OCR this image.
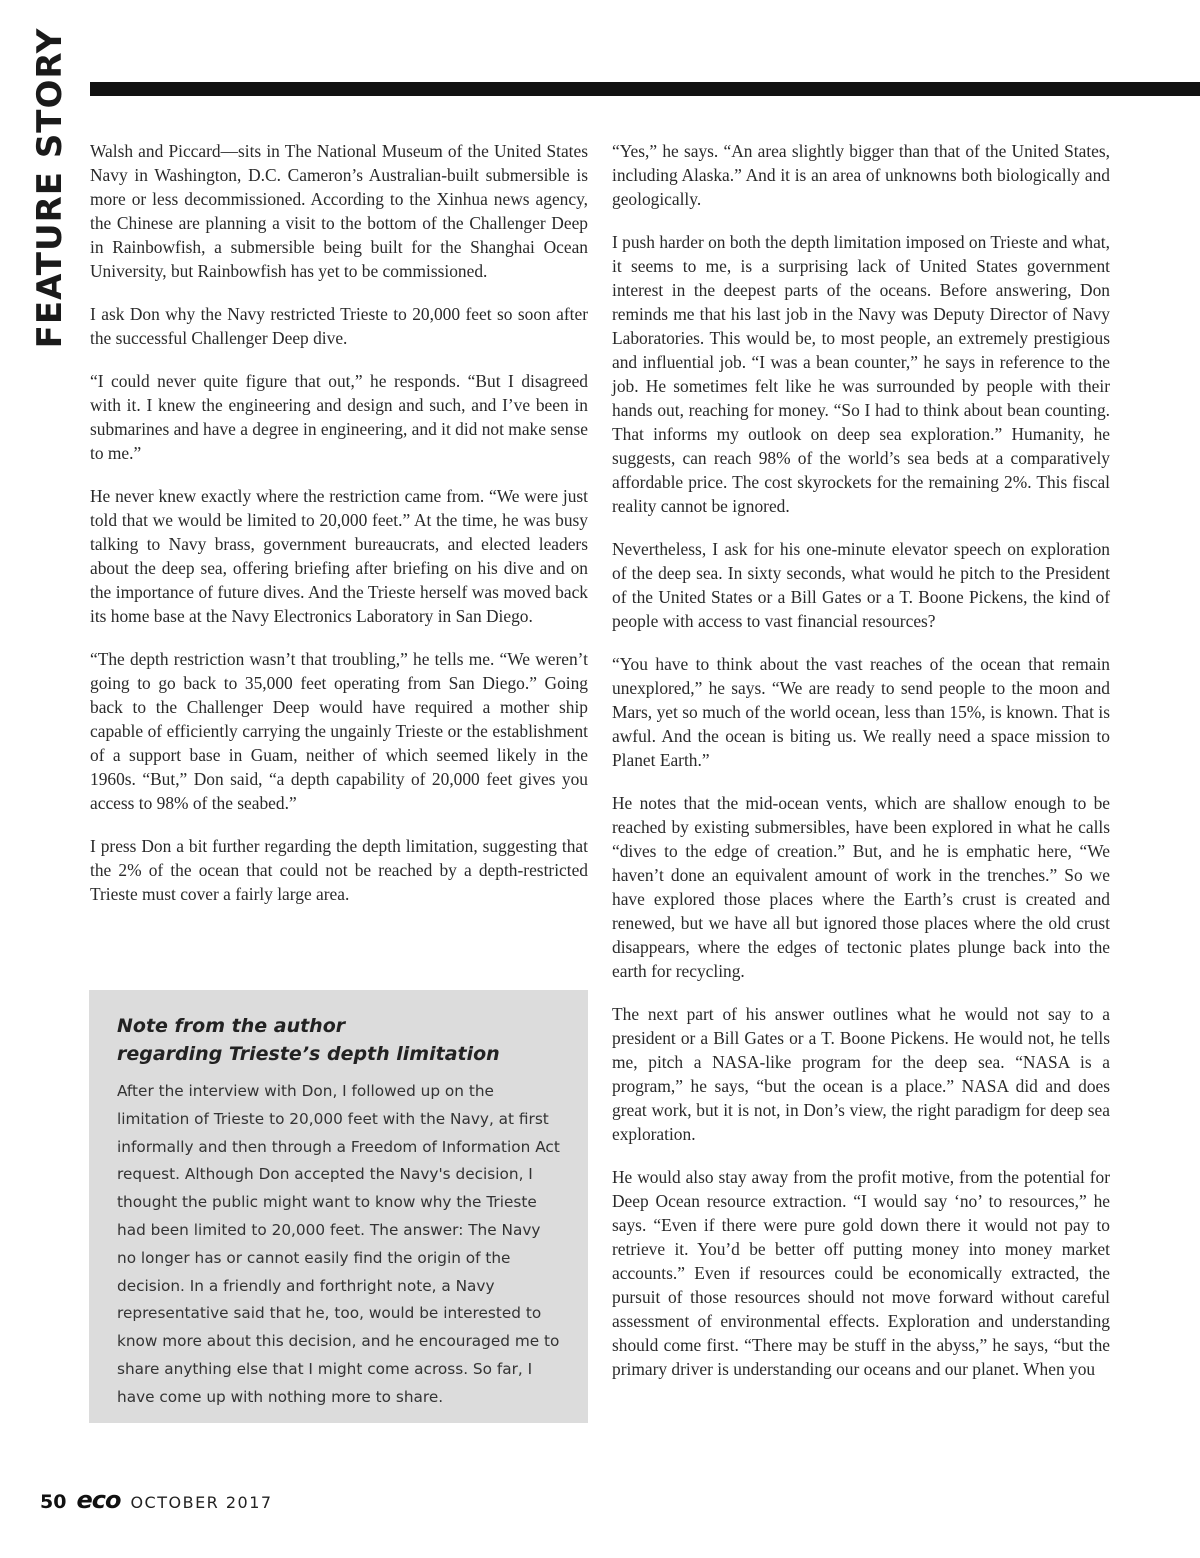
FEATURE STORY Walsh and Piccard—sits in The National Museum of the United States Navy in Washington, D.C. Cameron’s Australian-built submersible is more or less decommissioned. According to the Xinhua news agency, the Chinese are planning a visit to the bottom of the Challenger Deep in Rainbowfish, a submersible being built for the Shanghai Ocean University, but Rainbowfish has yet to be commissioned.

I ask Don why the Navy restricted Trieste to 20,000 feet so soon after the successful Challenger Deep dive.

“I could never quite figure that out,” he responds. “But I disagreed with it. I knew the engineering and design and such, and I’ve been in submarines and have a degree in engineering, and it did not make sense to me.”

He never knew exactly where the restriction came from. “We were just told that we would be limited to 20,000 feet.” At the time, he was busy talking to Navy brass, government bureaucrats, and elected leaders about the deep sea, offering briefing after briefing on his dive and on the importance of future dives. And the Trieste herself was moved back its home base at the Navy Electronics Laboratory in San Diego.

“The depth restriction wasn’t that troubling,” he tells me. “We weren’t going to go back to 35,000 feet operating from San Diego.” Going back to the Challenger Deep would have required a mother ship capable of efficiently carrying the ungainly Trieste or the establishment of a support base in Guam, neither of which seemed likely in the 1960s. “But,” Don said, “a depth capability of 20,000 feet gives you access to 98% of the seabed.”

I press Don a bit further regarding the depth limitation, suggesting that the 2% of the ocean that could not be reached by a depth-restricted Trieste must cover a fairly large area.

Note from the author
regarding Trieste’s depth limitation

After the interview with Don, I followed up on the limitation of Trieste to 20,000 feet with the Navy, at first informally and then through a Freedom of Information Act request. Although Don accepted the Navy's decision, I thought the public might want to know why the Trieste had been limited to 20,000 feet. The answer: The Navy no longer has or cannot easily find the origin of the decision. In a friendly and forthright note, a Navy representative said that he, too, would be interested to know more about this decision, and he encouraged me to share anything else that I might come across. So far, I have come up with nothing more to share.

“Yes,” he says. “An area slightly bigger than that of the United States, including Alaska.” And it is an area of unknowns both biologically and geologically.

I push harder on both the depth limitation imposed on Trieste and what, it seems to me, is a surprising lack of United States government interest in the deepest parts of the oceans. Before answering, Don reminds me that his last job in the Navy was Deputy Director of Navy Laboratories. This would be, to most people, an extremely prestigious and influential job. “I was a bean counter,” he says in reference to the job. He sometimes felt like he was surrounded by people with their hands out, reaching for money. “So I had to think about bean counting. That informs my outlook on deep sea exploration.” Humanity, he suggests, can reach 98% of the world’s sea beds at a comparatively affordable price. The cost skyrockets for the remaining 2%. This fiscal reality cannot be ignored.

Nevertheless, I ask for his one-minute elevator speech on exploration of the deep sea. In sixty seconds, what would he pitch to the President of the United States or a Bill Gates or a T. Boone Pickens, the kind of people with access to vast financial resources?

“You have to think about the vast reaches of the ocean that remain unexplored,” he says. “We are ready to send people to the moon and Mars, yet so much of the world ocean, less than 15%, is known. That is awful. And the ocean is biting us. We really need a space mission to Planet Earth.”

He notes that the mid-ocean vents, which are shallow enough to be reached by existing submersibles, have been explored in what he calls “dives to the edge of creation.” But, and he is emphatic here, “We haven’t done an equivalent amount of work in the trenches.” So we have explored those places where the Earth’s crust is created and renewed, but we have all but ignored those places where the old crust disappears, where the edges of tectonic plates plunge back into the earth for recycling.

The next part of his answer outlines what he would not say to a president or a Bill Gates or a T. Boone Pickens. He would not, he tells me, pitch a NASA-like program for the deep sea. “NASA is a program,” he says, “but the ocean is a place.” NASA did and does great work, but it is not, in Don’s view, the right paradigm for deep sea exploration.

He would also stay away from the profit motive, from the potential for Deep Ocean resource extraction. “I would say ‘no’ to resources,” he says. “Even if there were pure gold down there it would not pay to retrieve it. You’d be better off putting money into money market accounts.” Even if resources could be economically extracted, the pursuit of those resources should not move forward without careful assessment of environmental effects. Exploration and understanding should come first. “There may be stuff in the abyss,” he says, “but the primary driver is understanding our oceans and our planet. When you

50 eco OCTOBER 2017
